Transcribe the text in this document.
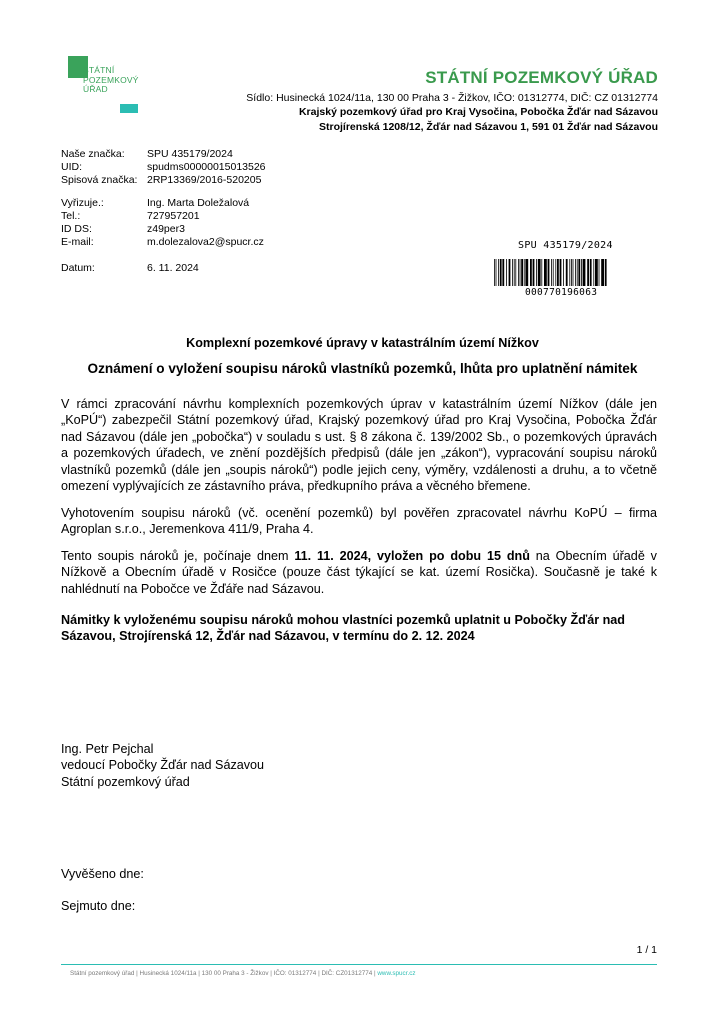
STÁTNÍ
POZEMKOVÝ
ÚŘAD
STÁTNÍ POZEMKOVÝ ÚŘAD
Sídlo: Husinecká 1024/11a, 130 00 Praha 3 - Žižkov, IČO: 01312774, DIČ: CZ 01312774
Krajský pozemkový úřad pro Kraj Vysočina, Pobočka Žďár nad Sázavou
Strojírenská 1208/12, Žďár nad Sázavou 1, 591 01 Žďár nad Sázavou
Naše značka:	SPU 435179/2024
UID:	spudms00000015013526
Spisová značka: 2RP13369/2016-520205
Vyřizuje.:	Ing. Marta Doležalová
Tel.:	727957201
ID DS:	z49per3
E-mail:	m.dolezalova2@spucr.cz
Datum:	6. 11. 2024
SPU 435179/2024
000770196063
Komplexní pozemkové úpravy v katastrálním území Nížkov
Oznámení o vyložení soupisu nároků vlastníků pozemků, lhůta pro uplatnění námitek

V rámci zpracování návrhu komplexních pozemkových úprav v katastrálním území Nížkov (dále jen „KoPÚ“) zabezpečil Státní pozemkový úřad, Krajský pozemkový úřad pro Kraj Vysočina, Pobočka Žďár nad Sázavou (dále jen „pobočka“) v souladu s ust. § 8 zákona č. 139/2002 Sb., o pozemkových úpravách a pozemkových úřadech, ve znění pozdějších předpisů (dále jen „zákon“), vypracování soupisu nároků vlastníků pozemků (dále jen „soupis nároků“) podle jejich ceny, výměry, vzdálenosti a druhu, a to včetně omezení vyplývajících ze zástavního práva, předkupního práva a věcného břemene.

Vyhotovením soupisu nároků (vč. ocenění pozemků) byl pověřen zpracovatel návrhu KoPÚ – firma Agroplan s.r.o., Jeremenkova 411/9, Praha 4.

Tento soupis nároků je, počínaje dnem 11. 11. 2024, vyložen po dobu 15 dnů na Obecním úřadě v Nížkově a Obecním úřadě v Rosičce (pouze část týkající se kat. území Rosička). Současně je také k nahlédnutí na Pobočce ve Žďáře nad Sázavou.

Námitky k vyloženému soupisu nároků mohou vlastníci pozemků uplatnit u Pobočky Žďár nad Sázavou, Strojírenská 12, Žďár nad Sázavou, v termínu do 2. 12. 2024

Ing. Petr Pejchal
vedoucí Pobočky Žďár nad Sázavou
Státní pozemkový úřad
Vyvěšeno dne:
Sejmuto dne:
1 / 1
Státní pozemkový úřad | Husinecká 1024/11a | 130 00 Praha 3 - Žižkov | IČO: 01312774 | DIČ: CZ01312774 | www.spucr.cz
